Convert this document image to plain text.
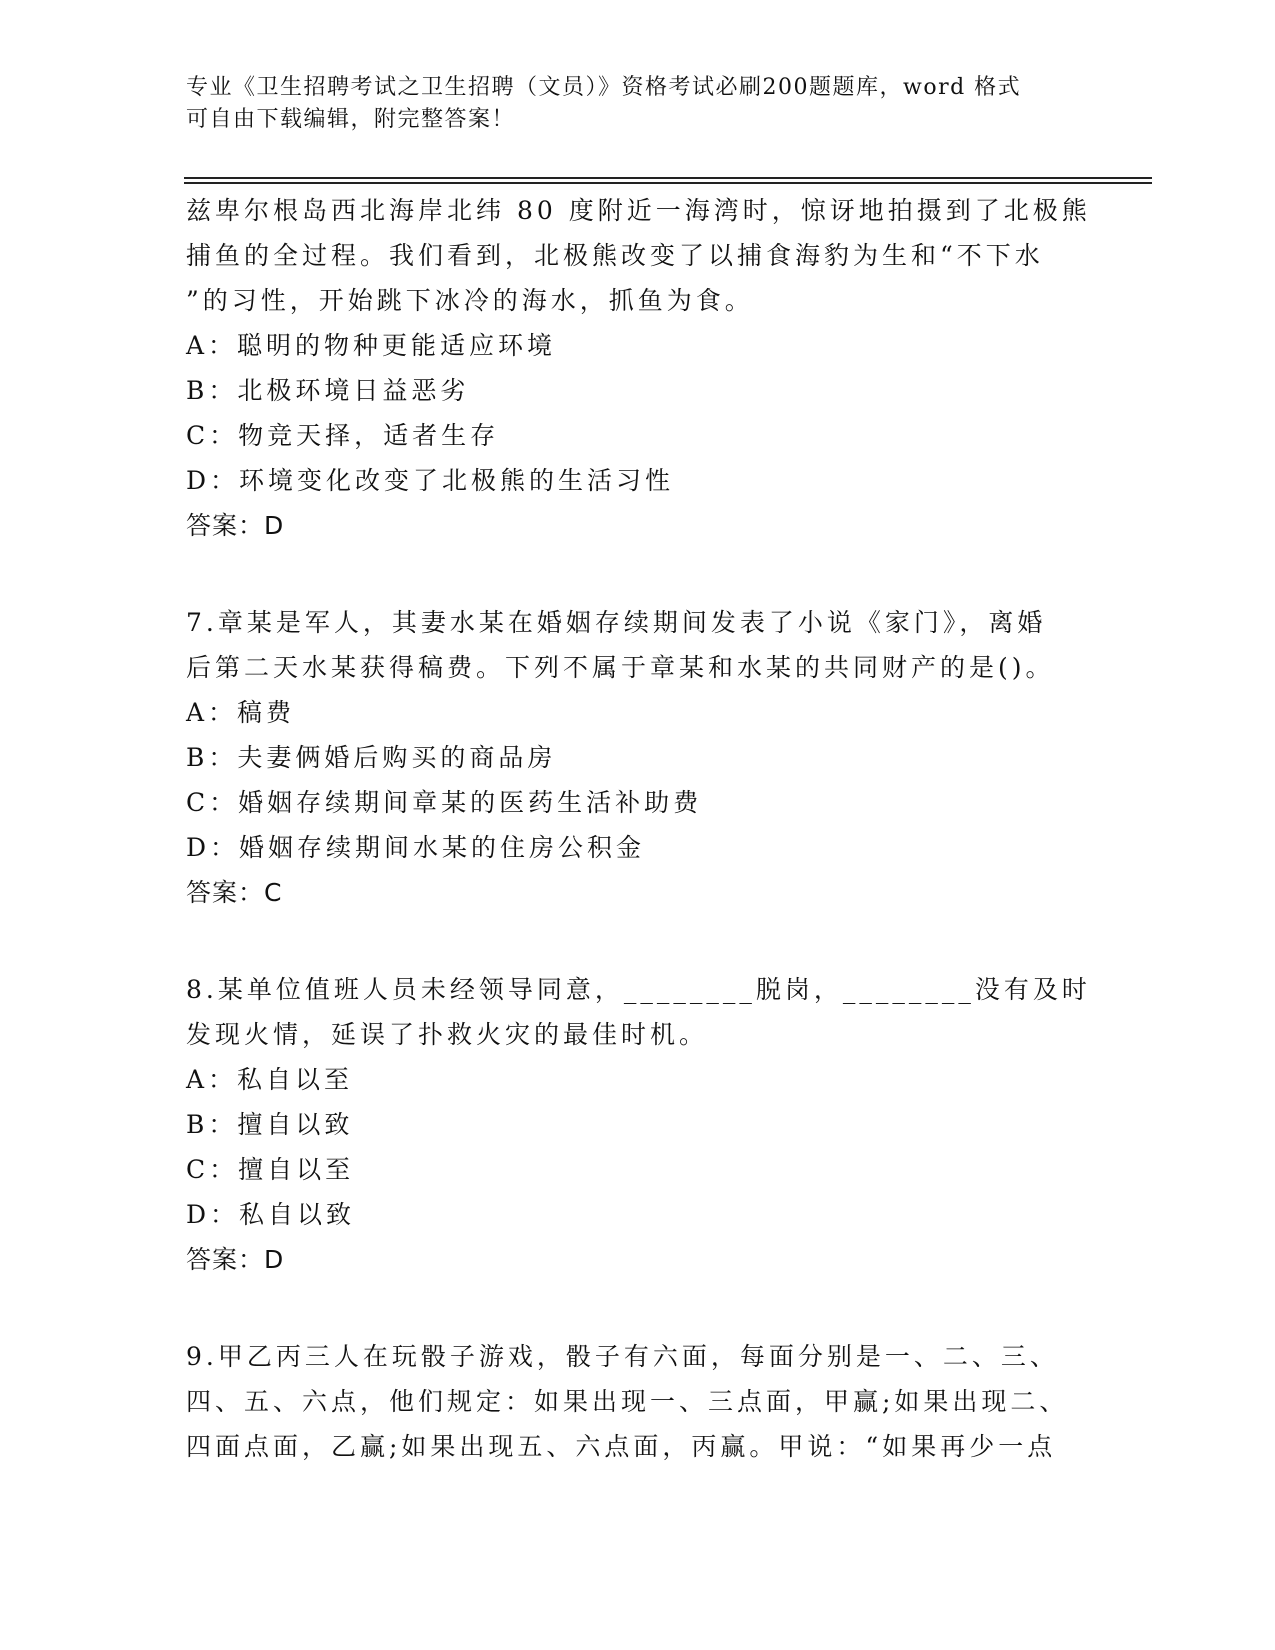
专业《卫生招聘考试之卫生招聘（文员）》资格考试必刷200题题库，word 格式
可自由下载编辑，附完整答案！
兹卑尔根岛西北海岸北纬 80 度附近一海湾时，惊讶地拍摄到了北极熊
捕鱼的全过程。我们看到，北极熊改变了以捕食海豹为生和“不下水
”的习性，开始跳下冰冷的海水，抓鱼为食。
A：聪明的物种更能适应环境
B：北极环境日益恶劣
C：物竞天择，适者生存
D：环境变化改变了北极熊的生活习性
答案：D
7.章某是军人，其妻水某在婚姻存续期间发表了小说《家门》，离婚
后第二天水某获得稿费。下列不属于章某和水某的共同财产的是()。
A：稿费
B：夫妻俩婚后购买的商品房
C：婚姻存续期间章某的医药生活补助费
D：婚姻存续期间水某的住房公积金
答案：C
8.某单位值班人员未经领导同意，________脱岗，________没有及时
发现火情，延误了扑救火灾的最佳时机。
A：私自以至
B：擅自以致
C：擅自以至
D：私自以致
答案：D
9.甲乙丙三人在玩骰子游戏，骰子有六面，每面分别是一、二、三、
四、五、六点，他们规定：如果出现一、三点面，甲赢;如果出现二、
四面点面，乙赢;如果出现五、六点面，丙赢。甲说：“如果再少一点
